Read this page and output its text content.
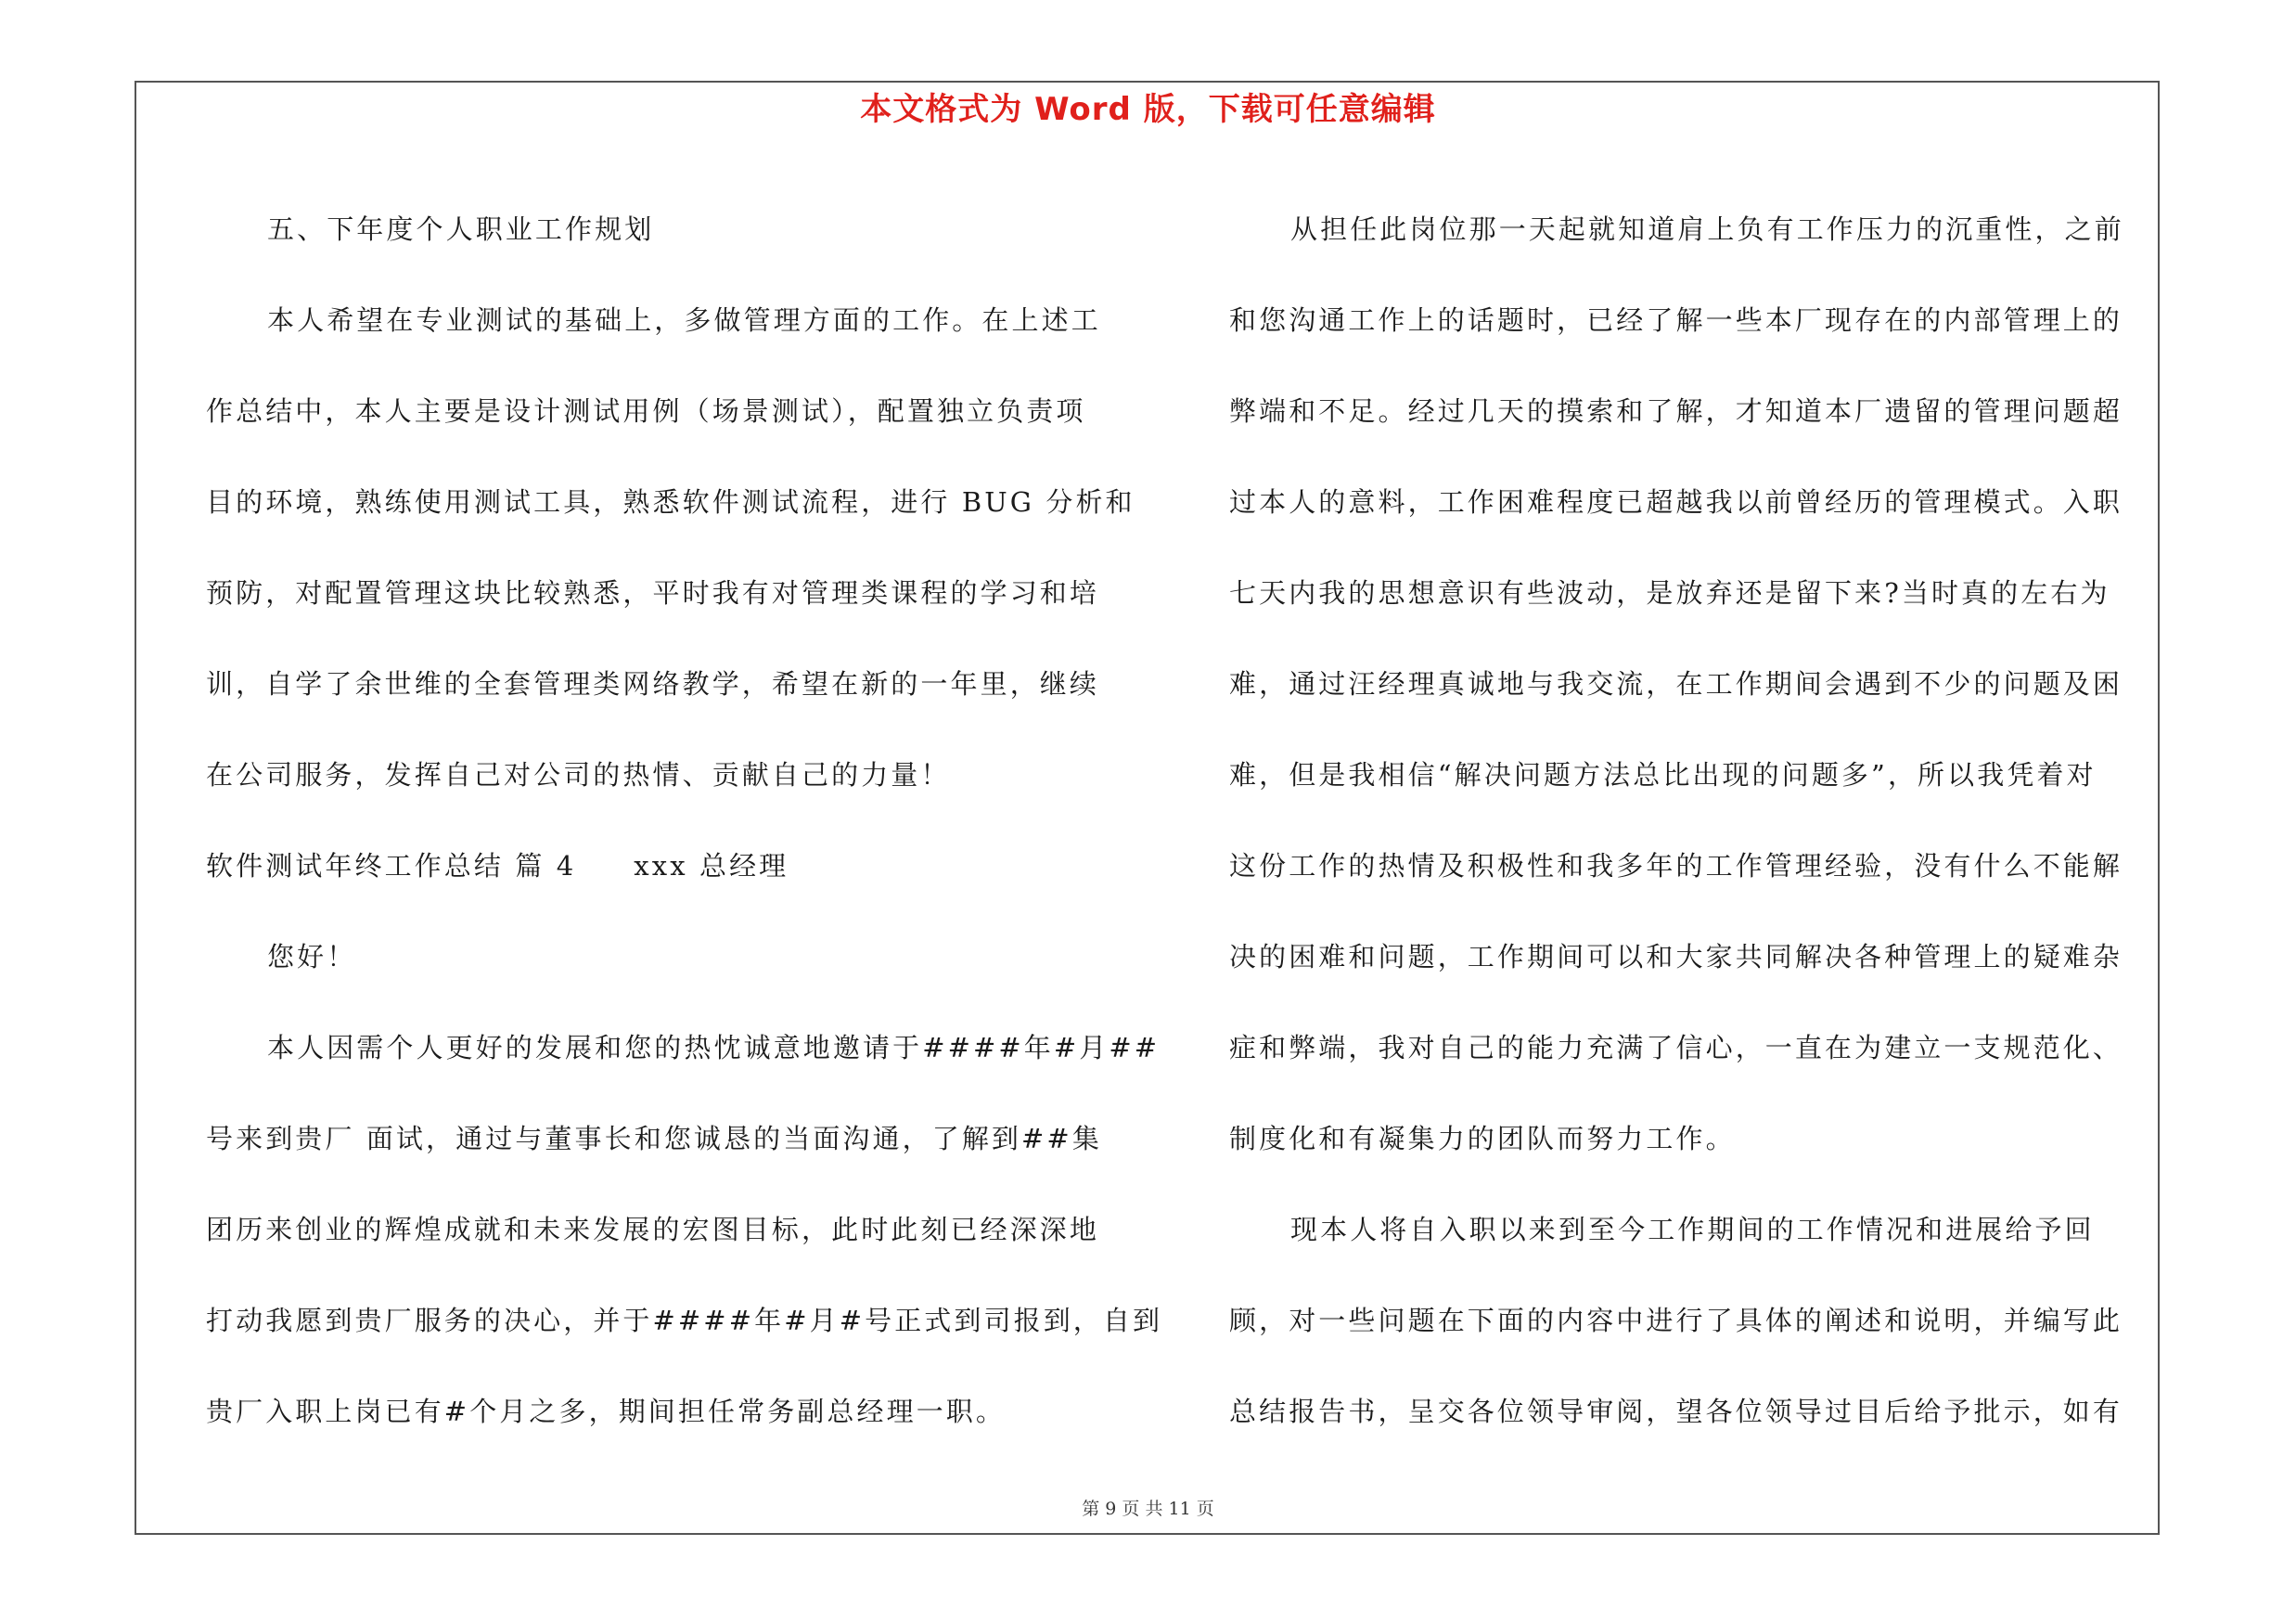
本文格式为 Word 版，下载可任意编辑
五、下年度个人职业工作规划
本人希望在专业测试的基础上，多做管理方面的工作。在上述工
作总结中，本人主要是设计测试用例（场景测试），配置独立负责项
目的环境，熟练使用测试工具，熟悉软件测试流程，进行 BUG 分析和
预防，对配置管理这块比较熟悉，平时我有对管理类课程的学习和培
训，自学了余世维的全套管理类网络教学，希望在新的一年里，继续
在公司服务，发挥自己对公司的热情、贡献自己的力量！
软件测试年终工作总结 篇 4 xxx 总经理
您好！
本人因需个人更好的发展和您的热忱诚意地邀请于####年#月##
号来到贵厂 面试，通过与董事长和您诚恳的当面沟通，了解到##集
团历来创业的辉煌成就和未来发展的宏图目标，此时此刻已经深深地
打动我愿到贵厂服务的决心，并于####年#月#号正式到司报到，自到
贵厂入职上岗已有#个月之多，期间担任常务副总经理一职。
从担任此岗位那一天起就知道肩上负有工作压力的沉重性，之前
和您沟通工作上的话题时，已经了解一些本厂现存在的内部管理上的
弊端和不足。经过几天的摸索和了解，才知道本厂遗留的管理问题超
过本人的意料，工作困难程度已超越我以前曾经历的管理模式。入职
七天内我的思想意识有些波动，是放弃还是留下来?当时真的左右为
难，通过汪经理真诚地与我交流，在工作期间会遇到不少的问题及困
难，但是我相信“解决问题方法总比出现的问题多”，所以我凭着对
这份工作的热情及积极性和我多年的工作管理经验，没有什么不能解
决的困难和问题，工作期间可以和大家共同解决各种管理上的疑难杂
症和弊端，我对自己的能力充满了信心，一直在为建立一支规范化、
制度化和有凝集力的团队而努力工作。
现本人将自入职以来到至今工作期间的工作情况和进展给予回
顾，对一些问题在下面的内容中进行了具体的阐述和说明，并编写此
总结报告书，呈交各位领导审阅，望各位领导过目后给予批示，如有
第 9 页 共 11 页
